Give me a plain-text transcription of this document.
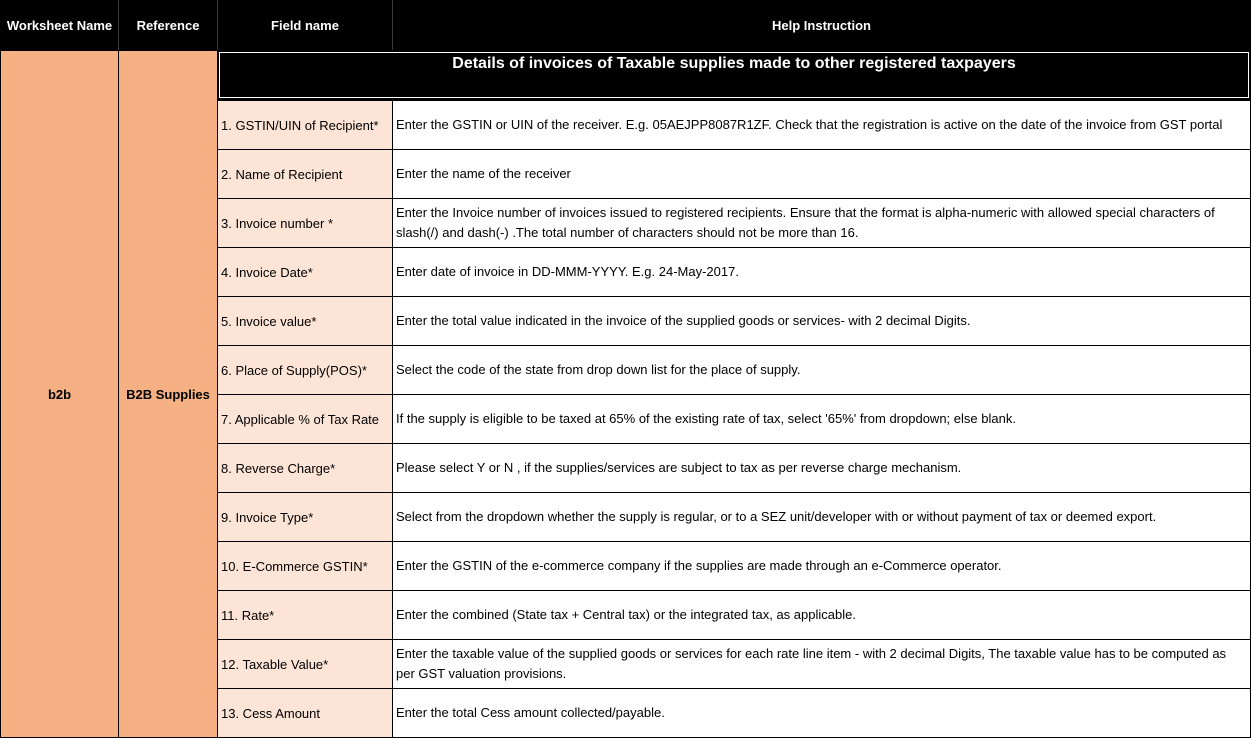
Worksheet Name	Reference	Field name	Help Instruction
b2b	B2B Supplies	Details of invoices of Taxable supplies made to other registered taxpayers	

		1. GSTIN/UIN of Recipient*	Enter the GSTIN or UIN of the receiver. E.g. 05AEJPP8087R1ZF. Check that the registration is active on the date of the invoice from GST portal
		2. Name of Recipient	Enter the name of the receiver
		3. Invoice number *	Enter the Invoice number of invoices issued to registered recipients. Ensure that the format is alpha-numeric with allowed special characters of slash(/) and dash(-) .The total number of characters should not be more than 16.
		4. Invoice Date*	Enter date of invoice in DD-MMM-YYYY. E.g. 24-May-2017.
		5. Invoice value*	Enter the total value indicated in the invoice of the supplied goods or services- with 2 decimal Digits.
		6. Place of Supply(POS)*	Select the code of the state from drop down list for the place of supply.
		7. Applicable % of Tax Rate	If the supply is eligible to be taxed at 65% of the existing rate of tax, select '65%' from dropdown; else blank.
		8. Reverse Charge*	Please select Y or N , if the supplies/services are subject to tax as per reverse charge mechanism.
		9. Invoice Type*	Select from the dropdown whether the supply is regular, or to a SEZ unit/developer with or without payment of tax or deemed export.
		10. E-Commerce GSTIN*	Enter the GSTIN of the e-commerce company if the supplies are made through an e-Commerce operator.
		11. Rate*	Enter the combined (State tax + Central tax) or the integrated tax, as applicable.
		12. Taxable Value*	Enter the taxable value of the supplied goods or services for each rate line item - with 2 decimal Digits, The taxable value has to be computed as per GST valuation provisions.
		13. Cess Amount	Enter the total Cess amount collected/payable.
